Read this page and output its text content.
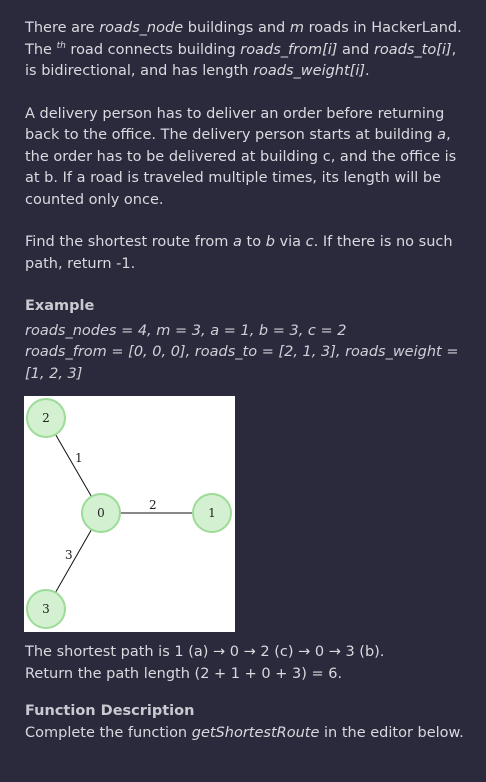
There are roads_node buildings and m roads in HackerLand.
The $^{th}$ road connects building roads_from[i] and roads_to[i],
is bidirectional, and has length roads_weight[i].

A delivery person has to deliver an order before returning back to the office. The delivery person starts at building a, the order has to be delivered at building c, and the office is at b. If a road is traveled multiple times, its length will be counted only once.

Find the shortest route from a to b via c. If there is no such path, return -1.

Example

roads_nodes = 4, m = 3, a = 1, b = 3, c = 2

roads_from = [0, 0, 0], roads_to = [2, 1, 3], roads_weight = [1, 2, 3]

1
2
3
2
0	1
3

The shortest path is 1 (a) → 0 → 2 (c) → 0 → 3 (b).

Return the path length (2 + 1 + 0 + 3) = 6.

Function Description

Complete the function getShortestRoute in the editor below.
